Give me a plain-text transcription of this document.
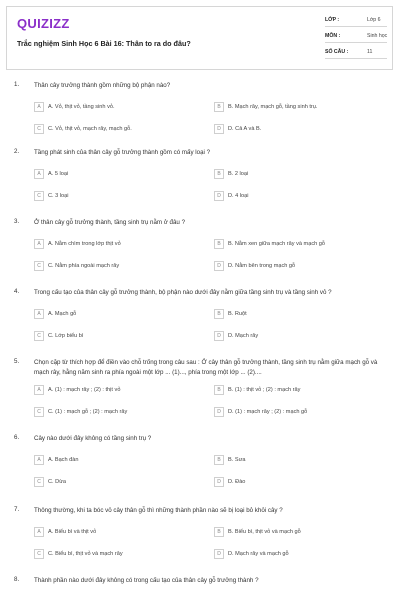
QUIZIZZ
Trắc nghiệm Sinh Học 6 Bài 16: Thân to ra do đâu?
LỚP :	Lớp 6
MÔN :	Sinh học
SỐ CÂU :	11
1. Thân cây trưởng thành gồm những bộ phận nào?
A	A. Vỏ, thịt vỏ, tầng sinh vỏ.	B	B. Mạch rây, mạch gỗ, tầng sinh trụ.
C	C. Vỏ, thịt vỏ, mạch rây, mạch gỗ.	D	D. Cả A và B.
2. Tầng phát sinh của thân cây gỗ trưởng thành gồm có mấy loại ?
A	A. 5 loại	B	B. 2 loại
C	C. 3 loại	D	D. 4 loại
3. Ở thân cây gỗ trưởng thành, tầng sinh trụ nằm ở đâu ?
A	A. Nằm chìm trong lớp thịt vỏ	B	B. Nằm xen giữa mạch rây và mạch gỗ
C	C. Nằm phía ngoài mạch rây	D	D. Nằm bên trong mạch gỗ
4. Trong cấu tạo của thân cây gỗ trưởng thành, bộ phận nào dưới đây nằm giữa tầng sinh trụ và tầng sinh vỏ ?
A	A. Mạch gỗ	B	B. Ruột
C	C. Lớp biểu bì	D	D. Mạch rây
5. Chọn cặp từ thích hợp để điền vào chỗ trống trong câu sau : Ở cây thân gỗ trưởng thành, tầng sinh trụ nằm giữa mạch gỗ và mạch rây, hằng năm sinh ra phía ngoài một lớp ... (1)..., phía trong một lớp ... (2)....
A	A. (1) : mạch rây ; (2) : thịt vỏ	B	B. (1) : thịt vỏ ; (2) : mạch rây
C	C. (1) : mạch gỗ ; (2) : mạch rây	D	D. (1) : mạch rây ; (2) : mạch gỗ
6. Cây nào dưới đây không có tầng sinh trụ ?
A	A. Bạch đàn	B	B. Sưa
C	C. Dừa	D	D. Đào
7. Thông thường, khi ta bóc vỏ cây thân gỗ thì những thành phần nào sẽ bị loại bỏ khỏi cây ?
A	A. Biểu bì và thịt vỏ	B	B. Biểu bì, thịt vỏ và mạch gỗ
C	C. Biểu bì, thịt vỏ và mạch rây	D	D. Mạch rây và mạch gỗ
8. Thành phần nào dưới đây không có trong cấu tạo của thân cây gỗ trưởng thành ?
